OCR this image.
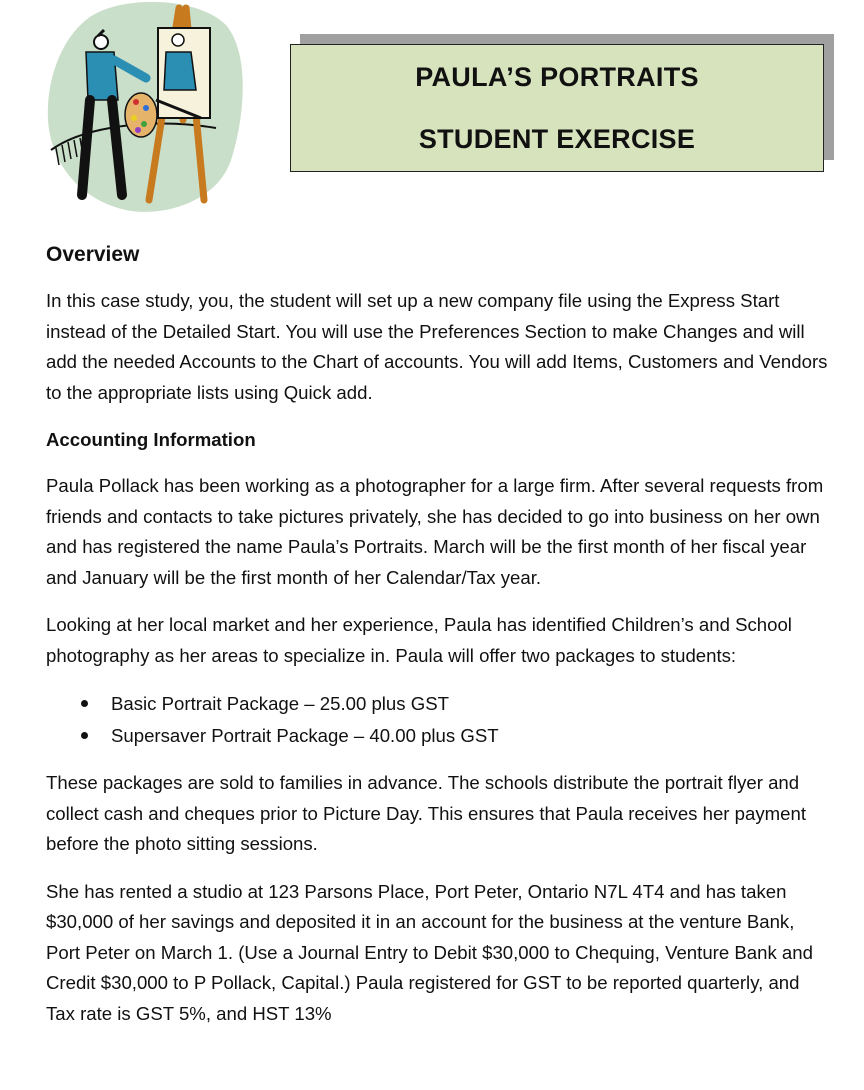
PAULA’S PORTRAITS
STUDENT EXERCISE
Overview

In this case study, you, the student will set up a new company file using the Express Start instead of the Detailed Start. You will use the Preferences Section to make Changes and will add the needed Accounts to the Chart of accounts. You will add Items, Customers and Vendors to the appropriate lists using Quick add.

Accounting Information

Paula Pollack has been working as a photographer for a large firm. After several requests from friends and contacts to take pictures privately, she has decided to go into business on her own and has registered the name Paula’s Portraits. March will be the first month of her fiscal year and January will be the first month of her Calendar/Tax year.

Looking at her local market and her experience, Paula has identified Children’s and School photography as her areas to specialize in. Paula will offer two packages to students:

Basic Portrait Package – 25.00 plus GST
Supersaver Portrait Package – 40.00 plus GST

These packages are sold to families in advance. The schools distribute the portrait flyer and collect cash and cheques prior to Picture Day. This ensures that Paula receives her payment before the photo sitting sessions.

She has rented a studio at 123 Parsons Place, Port Peter, Ontario N7L 4T4 and has taken $30,000 of her savings and deposited it in an account for the business at the venture Bank, Port Peter on March 1. (Use a Journal Entry to Debit $30,000 to Chequing, Venture Bank and Credit $30,000 to P Pollack, Capital.) Paula registered for GST to be reported quarterly, and Tax rate is GST 5%, and HST 13%
